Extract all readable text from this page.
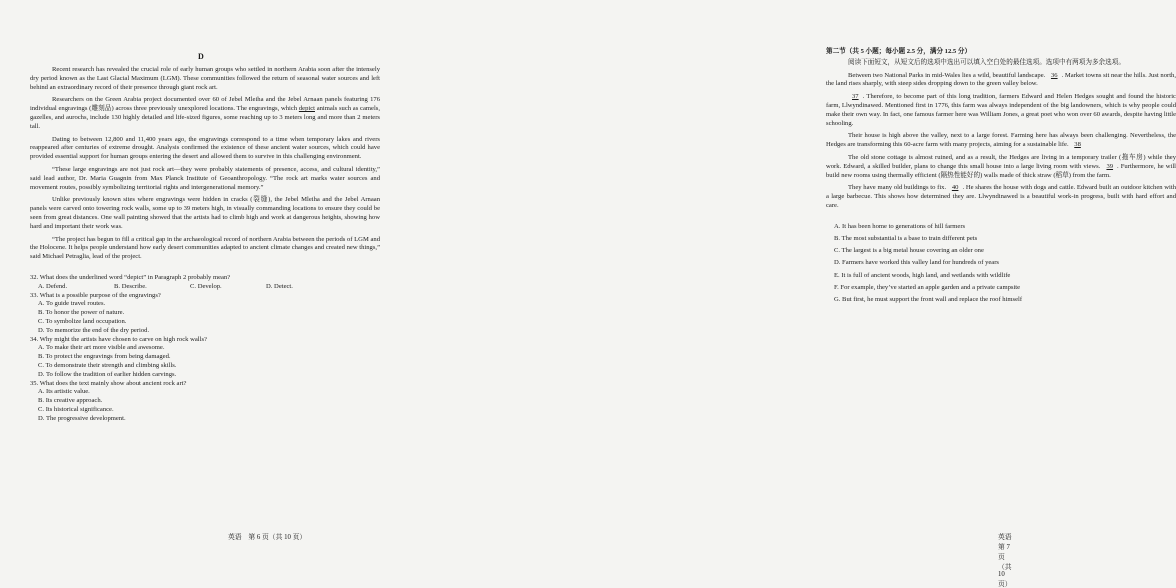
D

Recent research has revealed the crucial role of early human groups who settled in northern Arabia soon after the intensely dry period known as the Last Glacial Maximum (LGM). These communities followed the return of seasonal water sources and left behind an extraordinary record of their presence through giant rock art.

Researchers on the Green Arabia project documented over 60 of Jebel Mleiha and the Jebel Arnaan panels featuring 176 individual engravings (雕刻品) across three previously unexplored locations. The engravings, which depict animals such as camels, gazelles, and aurochs, include 130 highly detailed and life-sized figures, some reaching up to 3 meters long and more than 2 meters tall.

Dating to between 12,800 and 11,400 years ago, the engravings correspond to a time when temporary lakes and rivers reappeared after centuries of extreme drought. Analysis confirmed the existence of these ancient water sources, which could have provided essential support for human groups entering the desert and allowed them to survive in this challenging environment.

“These large engravings are not just rock art—they were probably statements of presence, access, and cultural identity,” said lead author, Dr. Maria Guagnin from Max Planck Institute of Geoanthropology. “The rock art marks water sources and movement routes, possibly symbolizing territorial rights and intergenerational memory.”

Unlike previously known sites where engravings were hidden in cracks (裂缝), the Jebel Mleiha and the Jebel Arnaan panels were carved onto towering rock walls, some up to 39 meters high, in visually commanding locations to ensure they could be seen from great distances. One wall painting showed that the artists had to climb high and work at dangerous heights, showing how hard and important their work was.

“The project has begun to fill a critical gap in the archaeological record of northern Arabia between the periods of LGM and the Holocene. It helps people understand how early desert communities adapted to ancient climate changes and created new things,” said Michael Petraglia, lead of the project.

32. What does the underlined word “depict” in Paragraph 2 probably mean?

A. Defend.	B. Describe.	C. Develop.	D. Detect.

33. What is a possible purpose of the engravings?

A. To guide travel routes.

B. To honor the power of nature.

C. To symbolize land occupation.

D. To memorize the end of the dry period.

34. Why might the artists have chosen to carve on high rock walls?

A. To make their art more visible and awesome.

B. To protect the engravings from being damaged.

C. To demonstrate their strength and climbing skills.

D. To follow the tradition of earlier hidden carvings.

35. What does the text mainly show about ancient rock art?

A. Its artistic value.

B. Its creative approach.

C. Its historical significance.

D. The progressive development.

英语　第 6 页（共 10 页）

第二节（共 5 小题；每小题 2.5 分，满分 12.5 分）

阅读下面短文，从短文后的选项中选出可以填入空白处的最佳选项。选项中有两项为多余选项。

Between two National Parks in mid-Wales lies a wild, beautiful landscape. 36 . Market towns sit near the hills. Just north, the land rises sharply, with steep sides dropping down to the green valley below.

37 . Therefore, to become part of this long tradition, farmers Edward and Helen Hedges sought and found the historic farm, Llwyndinawed. Mentioned first in 1776, this farm was always independent of the big landowners, which is why people could make their own way. In fact, one famous farmer here was William Jones, a great poet who won over 60 awards, despite having little schooling.

Their house is high above the valley, next to a large forest. Farming here has always been challenging. Nevertheless, the Hedges are transforming this 60-acre farm with many projects, aiming for a sustainable life. 38

The old stone cottage is almost ruined, and as a result, the Hedges are living in a temporary trailer (拖车房) while they work. Edward, a skilled builder, plans to change this small house into a large living room with views. 39 . Furthermore, he will build new rooms using thermally efficient (隔热性能好的) walls made of thick straw (稻草) from the farm.

They have many old buildings to fix. 40 . He shares the house with dogs and cattle. Edward built an outdoor kitchen with a large barbecue. This shows how determined they are. Llwyndinawed is a beautiful work-in progress, built with hard effort and care.

A. It has been home to generations of hill farmers
B. The most substantial is a base to train different pets
C. The largest is a big metal house covering an older one
D. Farmers have worked this valley land for hundreds of years
E. It is full of ancient woods, high land, and wetlands with wildlife
F. For example, they’ve started an apple garden and a private campsite
G. But first, he must support the front wall and replace the roof himself
英语　第 7 页（共 10 页）
